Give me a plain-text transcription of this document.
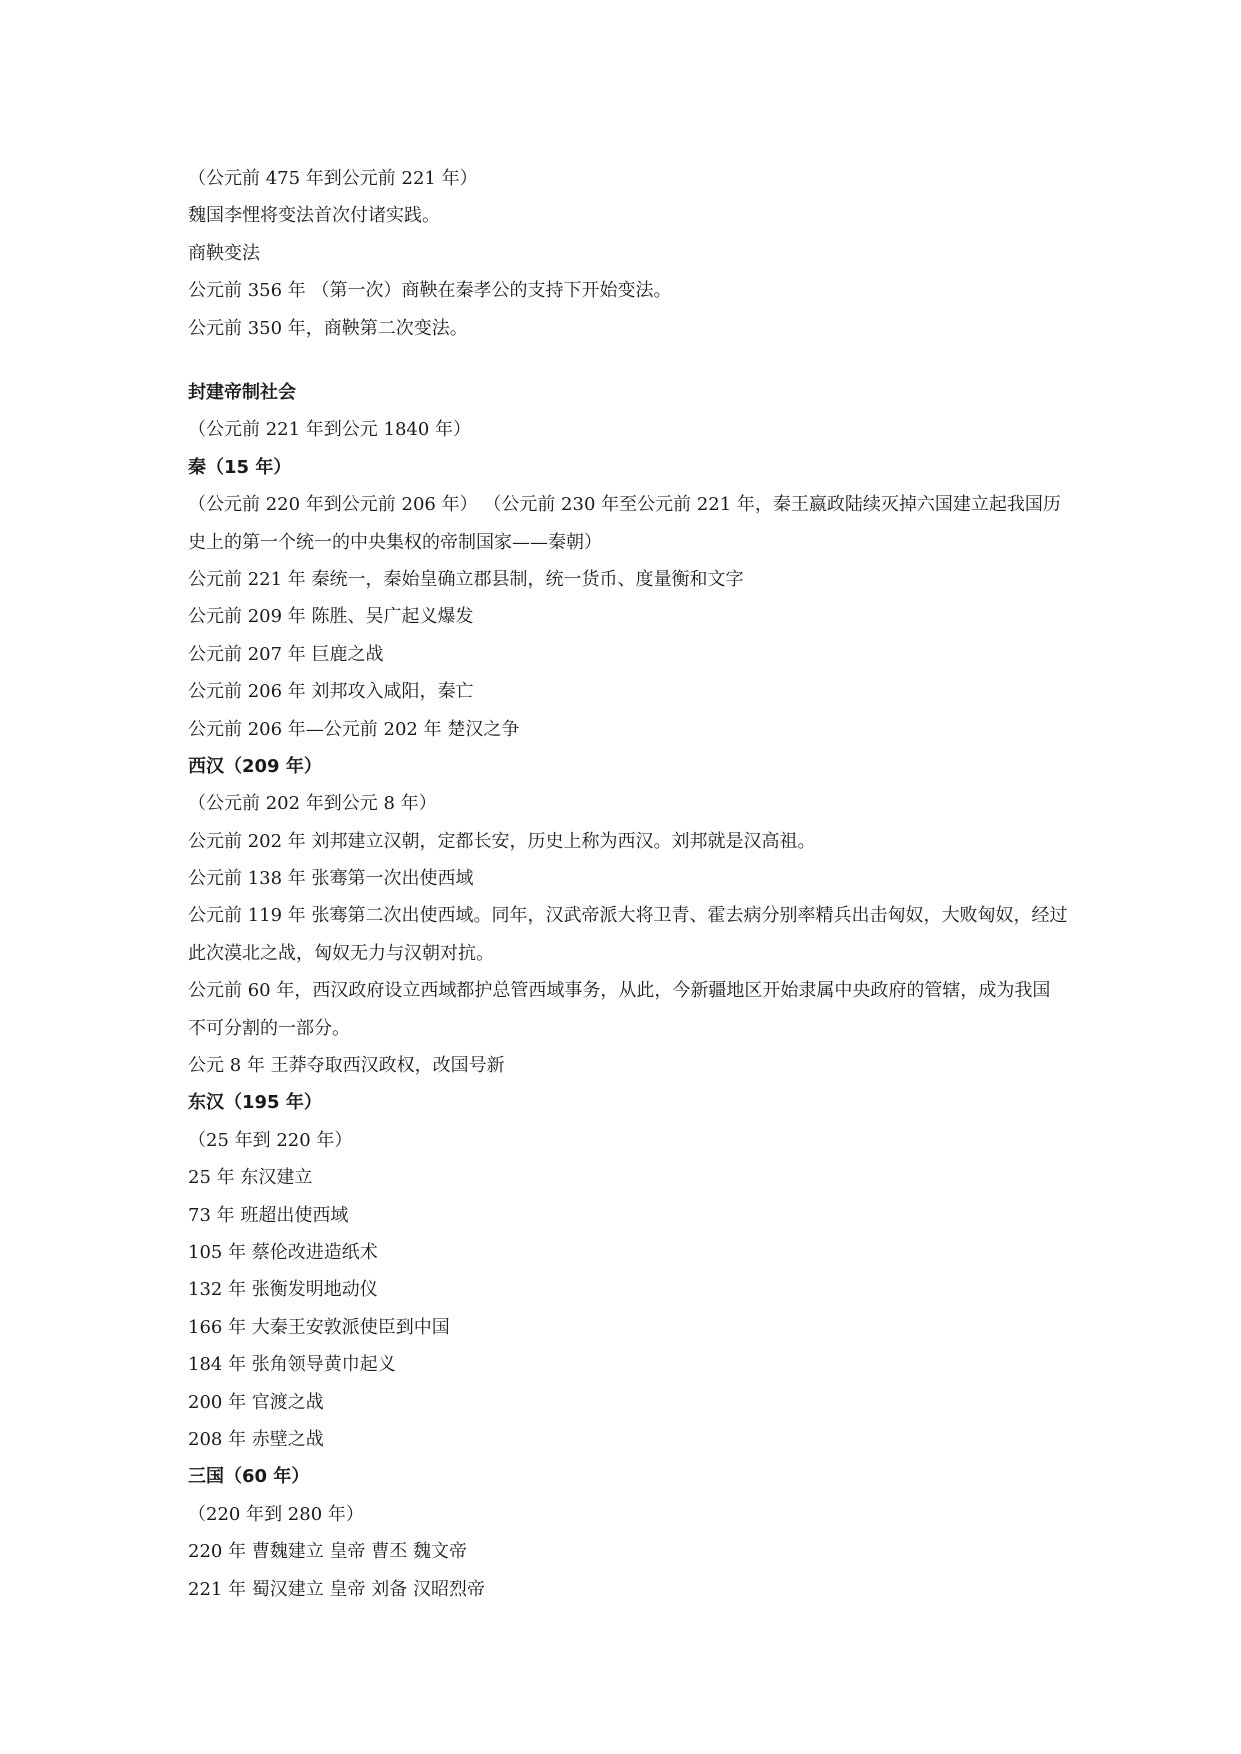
（公元前 475 年到公元前 221 年）
魏国李悝将变法首次付诸实践。
商鞅变法
公元前 356 年 （第一次）商鞅在秦孝公的支持下开始变法。
公元前 350 年，商鞅第二次变法。
封建帝制社会
（公元前 221 年到公元 1840 年）
秦（15 年）
（公元前 220 年到公元前 206 年） （公元前 230 年至公元前 221 年，秦王嬴政陆续灭掉六国建立起我国历史上的第一个统一的中央集权的帝制国家——秦朝）
公元前 221 年 秦统一，秦始皇确立郡县制，统一货币、度量衡和文字
公元前 209 年 陈胜、吴广起义爆发
公元前 207 年 巨鹿之战
公元前 206 年 刘邦攻入咸阳，秦亡
公元前 206 年—公元前 202 年 楚汉之争
西汉（209 年）
（公元前 202 年到公元 8 年）
公元前 202 年 刘邦建立汉朝，定都长安，历史上称为西汉。刘邦就是汉高祖。
公元前 138 年 张骞第一次出使西域
公元前 119 年 张骞第二次出使西域。同年，汉武帝派大将卫青、霍去病分别率精兵出击匈奴，大败匈奴，经过此次漠北之战，匈奴无力与汉朝对抗。
公元前 60 年，西汉政府设立西域都护总管西域事务，从此，今新疆地区开始隶属中央政府的管辖，成为我国不可分割的一部分。
公元 8 年 王莽夺取西汉政权，改国号新
东汉（195 年）
（25 年到 220 年）
25 年 东汉建立
73 年 班超出使西域
105 年 蔡伦改进造纸术
132 年 张衡发明地动仪
166 年 大秦王安敦派使臣到中国
184 年 张角领导黄巾起义
200 年 官渡之战
208 年 赤壁之战
三国（60 年）
（220 年到 280 年）
220 年 曹魏建立 皇帝 曹丕 魏文帝
221 年 蜀汉建立 皇帝 刘备 汉昭烈帝
